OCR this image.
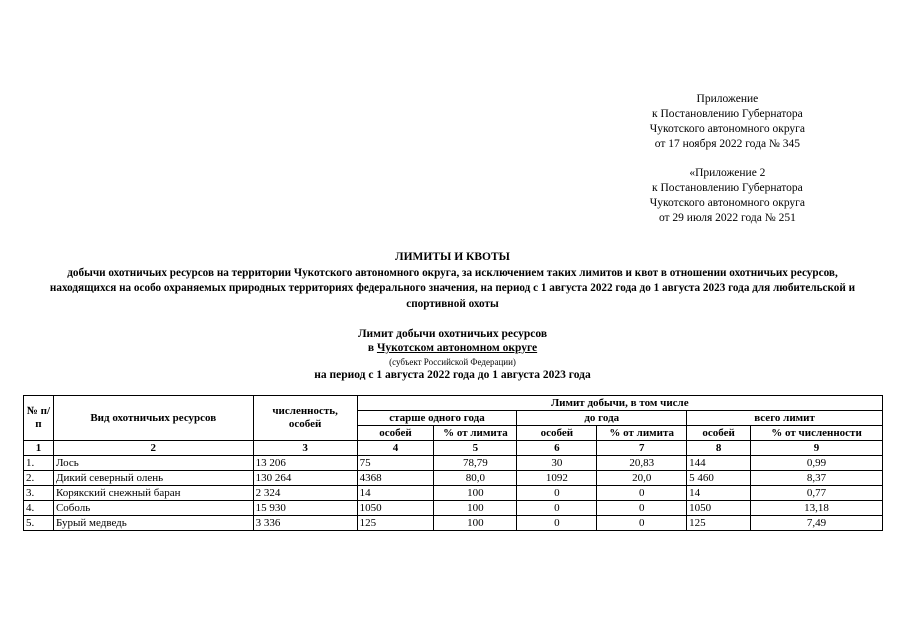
Приложение
к Постановлению Губернатора
Чукотского автономного округа
от 17 ноября 2022 года № 345
«Приложение 2
к Постановлению Губернатора
Чукотского автономного округа
от 29 июля 2022 года № 251
ЛИМИТЫ И КВОТЫ
добычи охотничьих ресурсов на территории Чукотского автономного округа, за исключением таких лимитов и квот в отношении охотничьих ресурсов, находящихся на особо охраняемых природных территориях федерального значения, на период с 1 августа 2022 года до 1 августа 2023 года для любительской и спортивной охоты
Лимит добычи охотничьих ресурсов
в Чукотском автономном округе
(субъект Российской Федерации)
на период с 1 августа 2022 года до 1 августа 2023 года
№ п/п	Вид охотничьих ресурсов	численность, особей	Лимит добычи, в том числе					
			старше одного года		до года		всего лимит	
			особей	% от лимита	особей	% от лимита	особей	% от численности
1	2	3	4	5	6	7	8	9
1.	Лось	13 206	75	78,79	30	20,83	144	0,99
2.	Дикий северный олень	130 264	4368	80,0	1092	20,0	5 460	8,37
3.	Корякский снежный баран	2 324	14	100	0	0	14	0,77
4.	Соболь	15 930	1050	100	0	0	1050	13,18
5.	Бурый медведь	3 336	125	100	0	0	125	7,49
